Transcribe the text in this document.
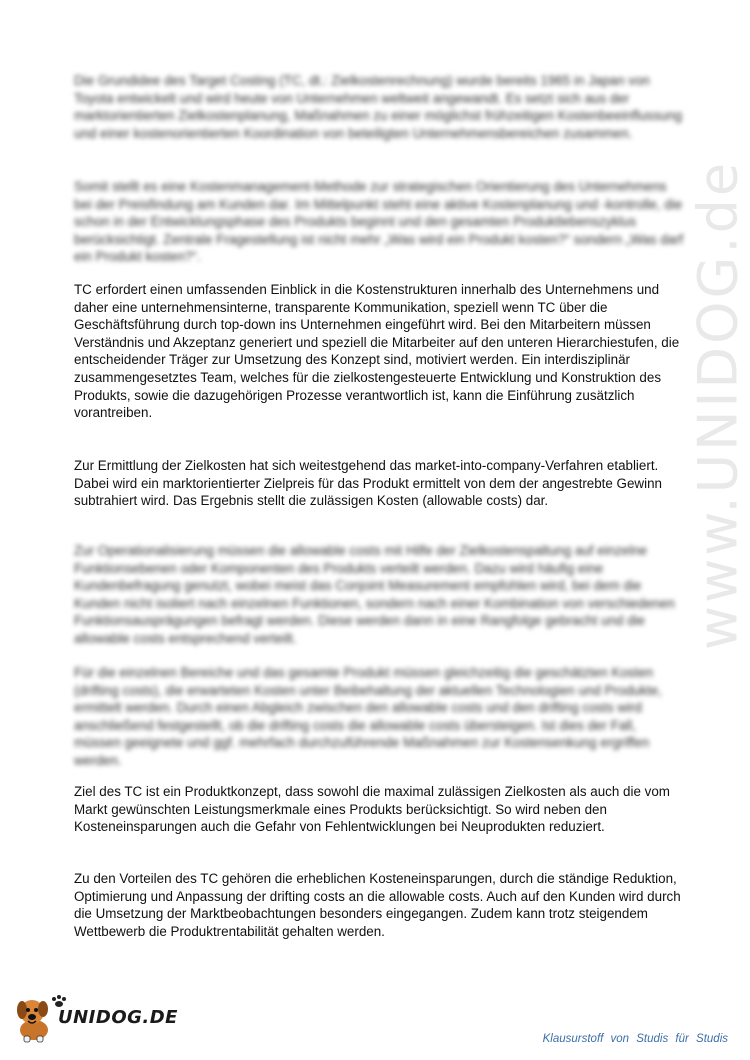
www.UNIDOG.de

Die Grundidee des Target Costing (TC, dt.: Zielkostenrechnung) wurde bereits 1965 in Japan von Toyota entwickelt und wird heute von Unternehmen weltweit angewandt. Es setzt sich aus der marktorientierten Zielkostenplanung, Maßnahmen zu einer möglichst frühzeitigen Kostenbeeinflussung und einer kostenorientierten Koordination von beteiligten Unternehmensbereichen zusammen.

Somit stellt es eine Kostenmanagement-Methode zur strategischen Orientierung des Unternehmens bei der Preisfindung am Kunden dar. Im Mittelpunkt steht eine aktive Kostenplanung und -kontrolle, die schon in der Entwicklungsphase des Produkts beginnt und den gesamten Produktlebenszyklus berücksichtigt. Zentrale Fragestellung ist nicht mehr „Was wird ein Produkt kosten?“ sondern „Was darf ein Produkt kosten?“.

TC erfordert einen umfassenden Einblick in die Kostenstrukturen innerhalb des Unternehmens und daher eine unternehmensinterne, transparente Kommunikation, speziell wenn TC über die Geschäftsführung durch top-down ins Unternehmen eingeführt wird. Bei den Mitarbeitern müssen Verständnis und Akzeptanz generiert und speziell die Mitarbeiter auf den unteren Hierarchiestufen, die entscheidender Träger zur Umsetzung des Konzept sind, motiviert werden. Ein interdisziplinär zusammengesetztes Team, welches für die zielkostengesteuerte Entwicklung und Konstruktion des Produkts, sowie die dazugehörigen Prozesse verantwortlich ist, kann die Einführung zusätzlich vorantreiben.

Zur Ermittlung der Zielkosten hat sich weitestgehend das market-into-company-Verfahren etabliert. Dabei wird ein marktorientierter Zielpreis für das Produkt ermittelt von dem der angestrebte Gewinn subtrahiert wird. Das Ergebnis stellt die zulässigen Kosten (allowable costs) dar.

Zur Operationalisierung müssen die allowable costs mit Hilfe der Zielkostenspaltung auf einzelne Funktionsebenen oder Komponenten des Produkts verteilt werden. Dazu wird häufig eine Kundenbefragung genutzt, wobei meist das Conjoint Measurement empfohlen wird, bei dem die Kunden nicht isoliert nach einzelnen Funktionen, sondern nach einer Kombination von verschiedenen Funktionsausprägungen befragt werden. Diese werden dann in eine Rangfolge gebracht und die allowable costs entsprechend verteilt.

Für die einzelnen Bereiche und das gesamte Produkt müssen gleichzeitig die geschätzten Kosten (drifting costs), die erwarteten Kosten unter Beibehaltung der aktuellen Technologien und Produkte, ermittelt werden. Durch einen Abgleich zwischen den allowable costs und den drifting costs wird anschließend festgestellt, ob die drifting costs die allowable costs übersteigen. Ist dies der Fall, müssen geeignete und ggf. mehrfach durchzuführende Maßnahmen zur Kostensenkung ergriffen werden.

Ziel des TC ist ein Produktkonzept, dass sowohl die maximal zulässigen Zielkosten als auch die vom Markt gewünschten Leistungsmerkmale eines Produkts berücksichtigt. So wird neben den Kosteneinsparungen auch die Gefahr von Fehlentwicklungen bei Neuprodukten reduziert.

Zu den Vorteilen des TC gehören die erheblichen Kosteneinsparungen, durch die ständige Reduktion, Optimierung und Anpassung der drifting costs an die allowable costs. Auch auf den Kunden wird durch die Umsetzung der Marktbeobachtungen besonders eingegangen. Zudem kann trotz steigendem Wettbewerb die Produktrentabilität gehalten werden.

UNIDOG.DE
Klausurstoff von Studis für Studis
